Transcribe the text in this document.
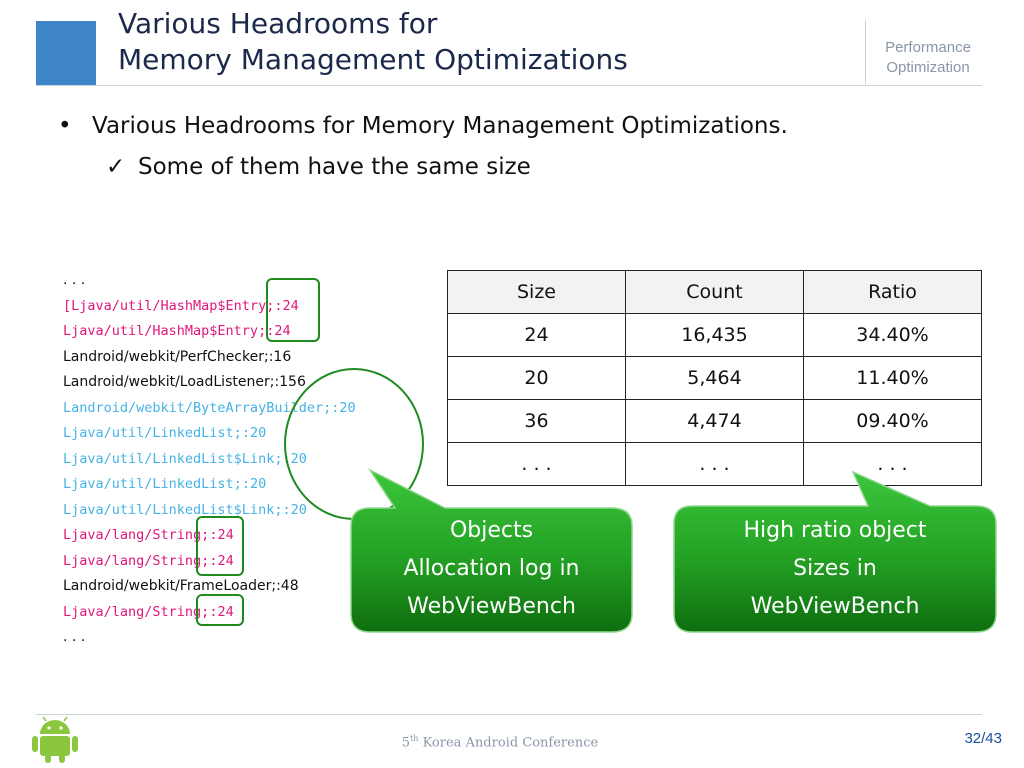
Various Headrooms for
Memory Management Optimizations	Performance
Optimization
• Various Headrooms for Memory Management Optimizations.
✓ Some of them have the same size
. . .
[Ljava/util/HashMap$Entry;:24
Ljava/util/HashMap$Entry;:24
Landroid/webkit/PerfChecker;:16
Landroid/webkit/LoadListener;:156
Landroid/webkit/ByteArrayBuilder;:20
Ljava/util/LinkedList;:20
Ljava/util/LinkedList$Link;:20
Ljava/util/LinkedList;:20
Ljava/util/LinkedList$Link;:20
Ljava/lang/String;:24
Ljava/lang/String;:24
Landroid/webkit/FrameLoader;:48
Ljava/lang/String;:24
. . .
Size	Count	Ratio
24	16,435	34.40%
20	5,464	11.40%
36	4,474	09.40%
. . .	. . .	. . .
Objects
Allocation log in
WebViewBench
High ratio object
Sizes in
WebViewBench
5th Korea Android Conference	32/43
